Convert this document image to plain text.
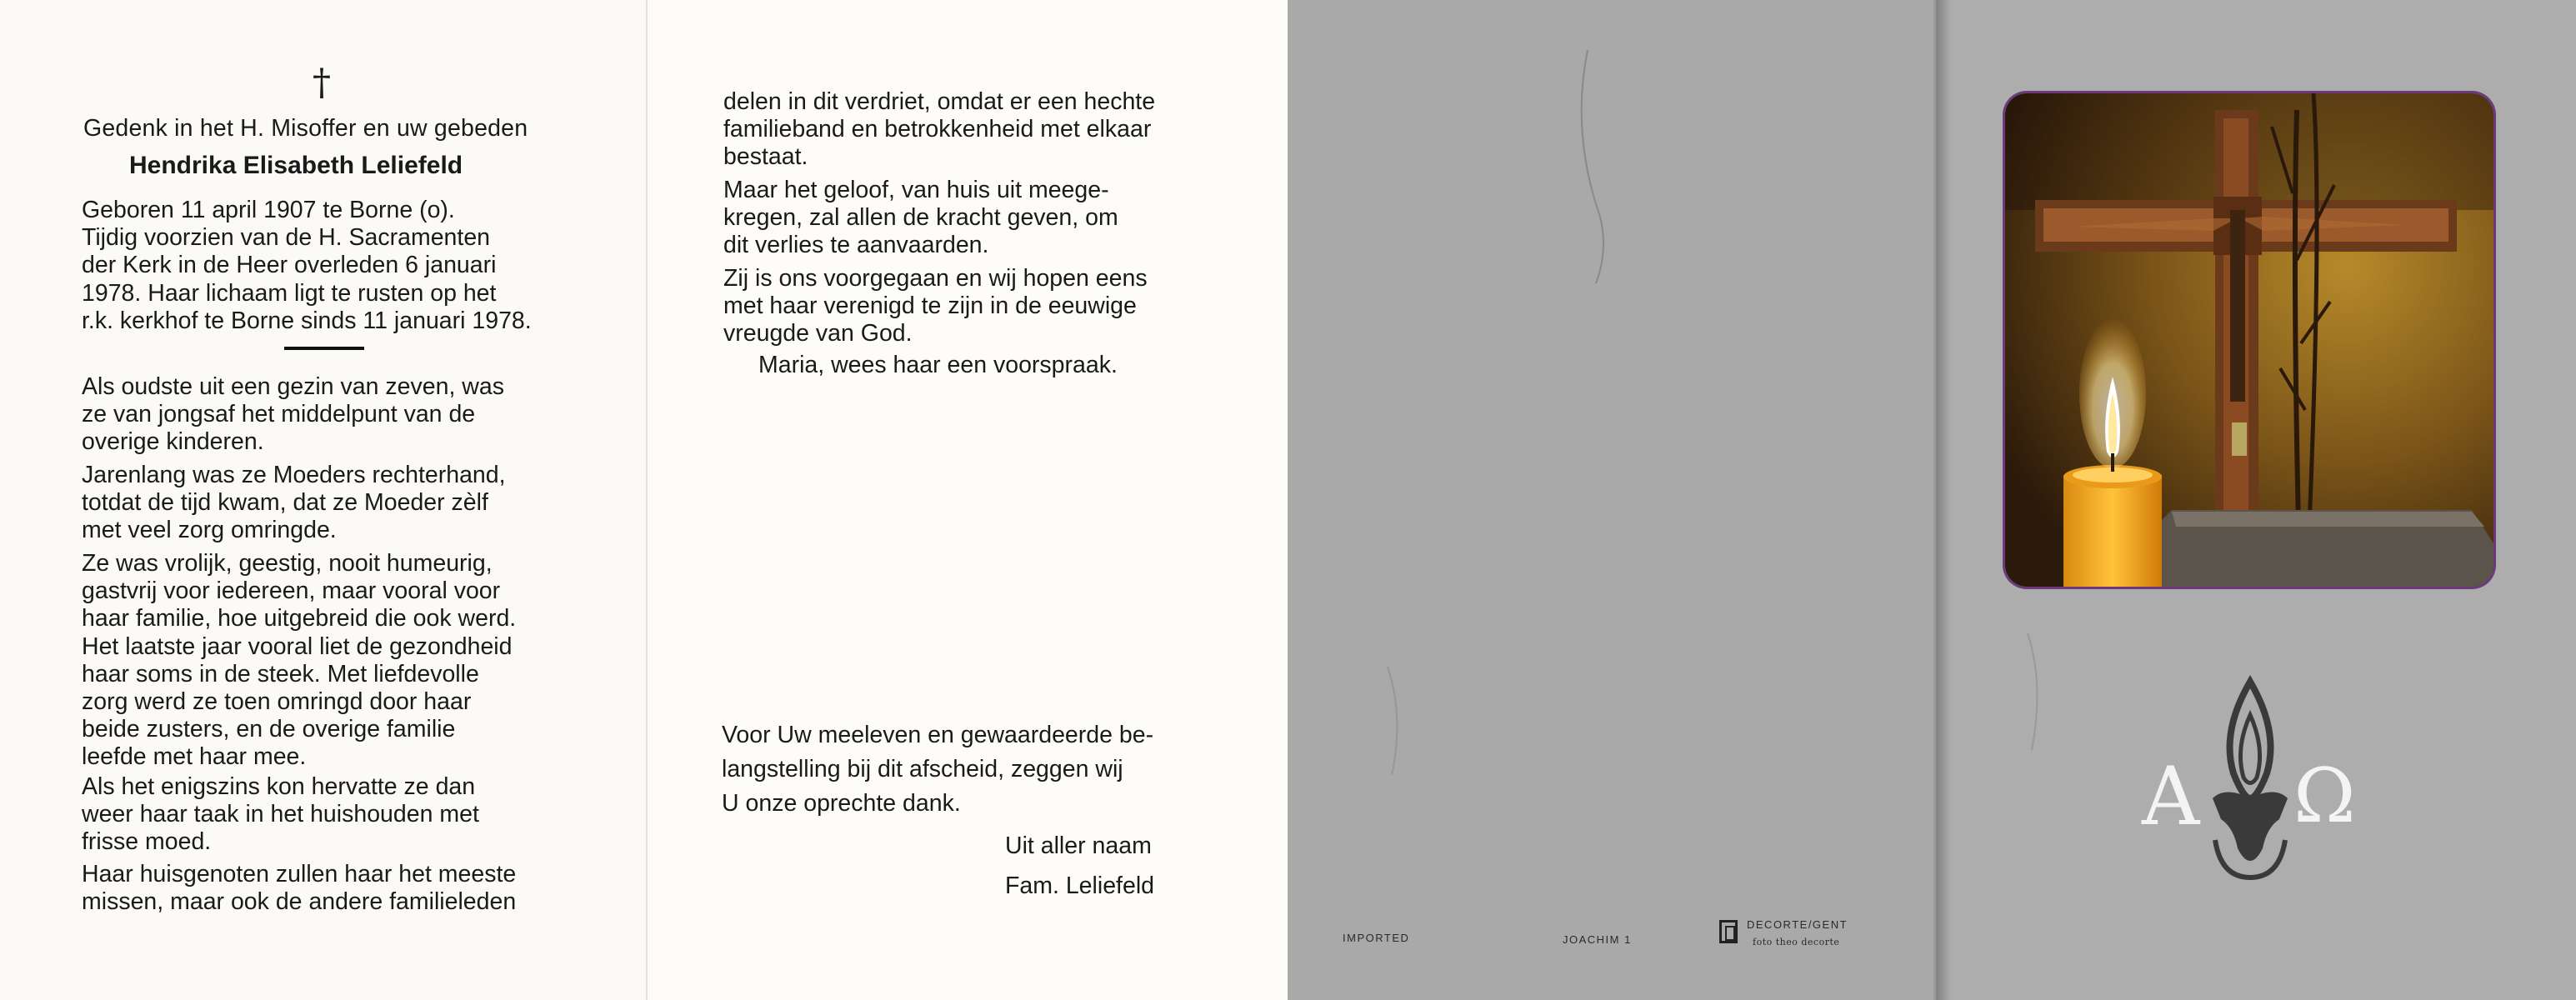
†
Gedenk in het H. Misoffer en uw gebeden
Hendrika Elisabeth Leliefeld
Geboren 11 april 1907 te Borne (o).
Tijdig voorzien van de H. Sacramenten
der Kerk in de Heer overleden 6 januari
1978. Haar lichaam ligt te rusten op het
r.k. kerkhof te Borne sinds 11 januari 1978.
Als oudste uit een gezin van zeven, was
ze van jongsaf het middelpunt van de
overige kinderen.
Jarenlang was ze Moeders rechterhand,
totdat de tijd kwam, dat ze Moeder zèlf
met veel zorg omringde.
Ze was vrolijk, geestig, nooit humeurig,
gastvrij voor iedereen, maar vooral voor
haar familie, hoe uitgebreid die ook werd.
Het laatste jaar vooral liet de gezondheid
haar soms in de steek. Met liefdevolle
zorg werd ze toen omringd door haar
beide zusters, en de overige familie
leefde met haar mee.
Als het enigszins kon hervatte ze dan
weer haar taak in het huishouden met
frisse moed.
Haar huisgenoten zullen haar het meeste
missen, maar ook de andere familieleden
delen in dit verdriet, omdat er een hechte
familieband en betrokkenheid met elkaar
bestaat.
Maar het geloof, van huis uit meege-
kregen, zal allen de kracht geven, om
dit verlies te aanvaarden.
Zij is ons voorgegaan en wij hopen eens
met haar verenigd te zijn in de eeuwige
vreugde van God.
Maria, wees haar een voorspraak.
Voor Uw meeleven en gewaardeerde be-
langstelling bij dit afscheid, zeggen wij
U onze oprechte dank.
Uit aller naam
Fam. Leliefeld
IMPORTED	JOACHIM 1
DECORTE/GENT
foto theo decorte
A Ω
